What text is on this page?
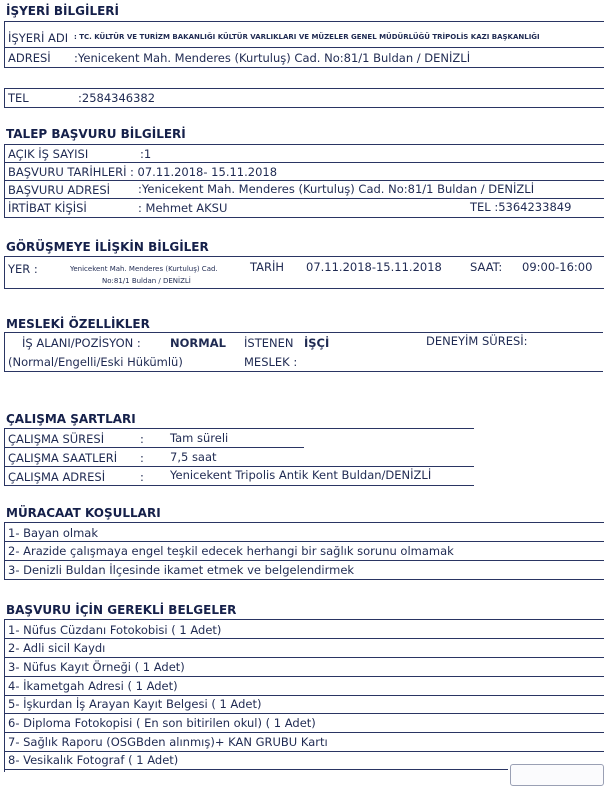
İŞYERİ BİLGİLERİ
İŞYERİ ADI : TC. KÜLTÜR VE TURİZM BAKANLIĞI KÜLTÜR VARLIKLARI VE MÜZELER GENEL MÜDÜRLÜĞÜ TRİPOLİS KAZI BAŞKANLIĞI
ADRESİ :Yenicekent Mah. Menderes (Kurtuluş) Cad. No:81/1 Buldan / DENİZLİ
TEL	:2584346382
TALEP BAŞVURU BİLGİLERİ
AÇIK İŞ SAYISI	:1
BAŞVURU TARİHLERİ : 07.11.2018- 15.11.2018
BAŞVURU ADRESİ :Yenicekent Mah. Menderes (Kurtuluş) Cad. No:81/1 Buldan / DENİZLİ
İRTİBAT KİŞİSİ	: Mehmet AKSU	TEL :5364233849
GÖRÜŞMEYE İLİŞKİN BİLGİLER
YER :	Yenicekent Mah. Menderes (Kurtuluş) Cad.
No:81/1 Buldan / DENİZLİ
TARİH 07.11.2018-15.11.2018 SAAT: 09:00-16:00
MESLEKİ ÖZELLİKLER
İŞ ALANI/POZİSYON :	NORMAL İSTENEN İŞÇİ	DENEYİM SÜRESİ:
(Normal/Engelli/Eski Hükümlü)	MESLEK :
ÇALIŞMA ŞARTLARI
ÇALIŞMA SÜRESİ	: Tam süreli
ÇALIŞMA SAATLERİ : 7,5 saat
ÇALIŞMA ADRESİ	: Yenicekent Tripolis Antik Kent Buldan/DENİZLİ
MÜRACAAT KOŞULLARI
1- Bayan olmak
2- Arazide çalışmaya engel teşkil edecek herhangi bir sağlık sorunu olmamak
3- Denizli Buldan İlçesinde ikamet etmek ve belgelendirmek
BAŞVURU İÇİN GEREKLİ BELGELER
1- Nüfus Cüzdanı Fotokobisi ( 1 Adet)
2- Adli sicil Kaydı
3- Nüfus Kayıt Örneği ( 1 Adet)
4- İkametgah Adresi ( 1 Adet)
5- İşkurdan İş Arayan Kayıt Belgesi ( 1 Adet)
6- Diploma Fotokopisi ( En son bitirilen okul) ( 1 Adet)
7- Sağlık Raporu (OSGBden alınmış)+ KAN GRUBU Kartı
8- Vesikalık Fotograf ( 1 Adet)
